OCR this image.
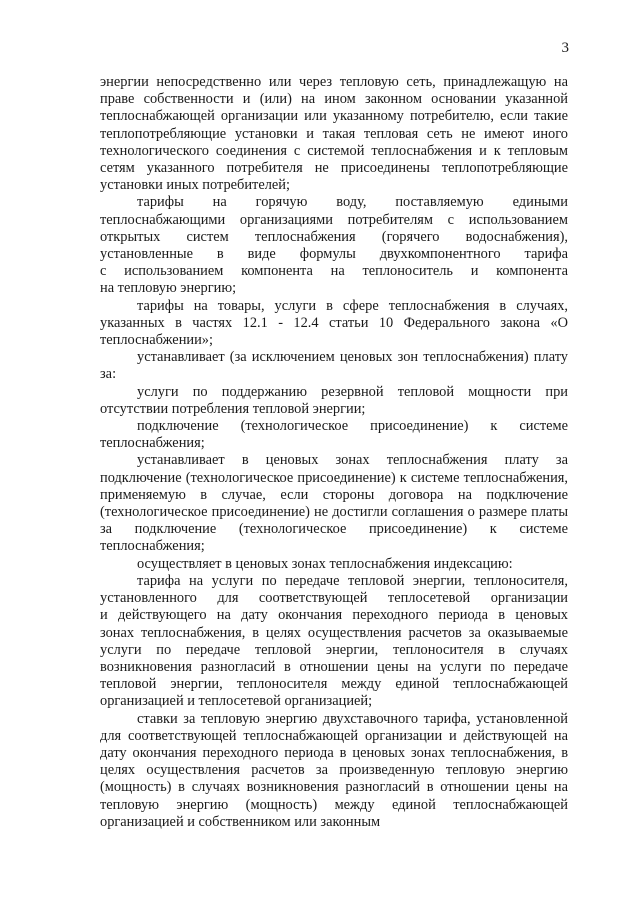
3

энергии непосредственно или через тепловую сеть, принадлежащую на праве собственности и (или) на ином законном основании указанной теплоснабжающей организации или указанному потребителю, если такие теплопотребляющие установки и такая тепловая сеть не имеют иного технологического соединения с системой теплоснабжения и к тепловым сетям указанного потребителя не присоединены теплопотребляющие установки иных потребителей;

тарифы на горячую воду, поставляемую едиными
теплоснабжающими организациями потребителям с использованием
открытых систем теплоснабжения (горячего водоснабжения),
установленные в виде формулы двухкомпонентного тарифа
с использованием компонента на теплоноситель и компонента
на тепловую энергию;

тарифы на товары, услуги в сфере теплоснабжения в случаях, указанных в частях 12.1 - 12.4 статьи 10 Федерального закона «О теплоснабжении»;

устанавливает (за исключением ценовых зон теплоснабжения) плату за:

услуги по поддержанию резервной тепловой мощности при отсутствии потребления тепловой энергии;

подключение (технологическое присоединение) к системе
теплоснабжения;

устанавливает в ценовых зонах теплоснабжения плату за подключение (технологическое присоединение) к системе теплоснабжения, применяемую в случае, если стороны договора на подключение (технологическое присоединение) не достигли соглашения о размере платы за подключение (технологическое присоединение) к системе теплоснабжения;

осуществляет в ценовых зонах теплоснабжения индексацию:

тарифа на услуги по передаче тепловой энергии, теплоносителя,
установленного для соответствующей теплосетевой организации
и действующего на дату окончания переходного периода в ценовых
зонах теплоснабжения, в целях осуществления расчетов за оказываемые
услуги по передаче тепловой энергии, теплоносителя в случаях
возникновения разногласий в отношении цены на услуги по передаче
тепловой энергии, теплоносителя между единой теплоснабжающей
организацией и теплосетевой организацией;

ставки за тепловую энергию двухставочного тарифа, установленной для соответствующей теплоснабжающей организации и действующей на дату окончания переходного периода в ценовых зонах теплоснабжения, в целях осуществления расчетов за произведенную тепловую энергию (мощность) в случаях возникновения разногласий в отношении цены на тепловую энергию (мощность) между единой теплоснабжающей организацией и собственником или законным
